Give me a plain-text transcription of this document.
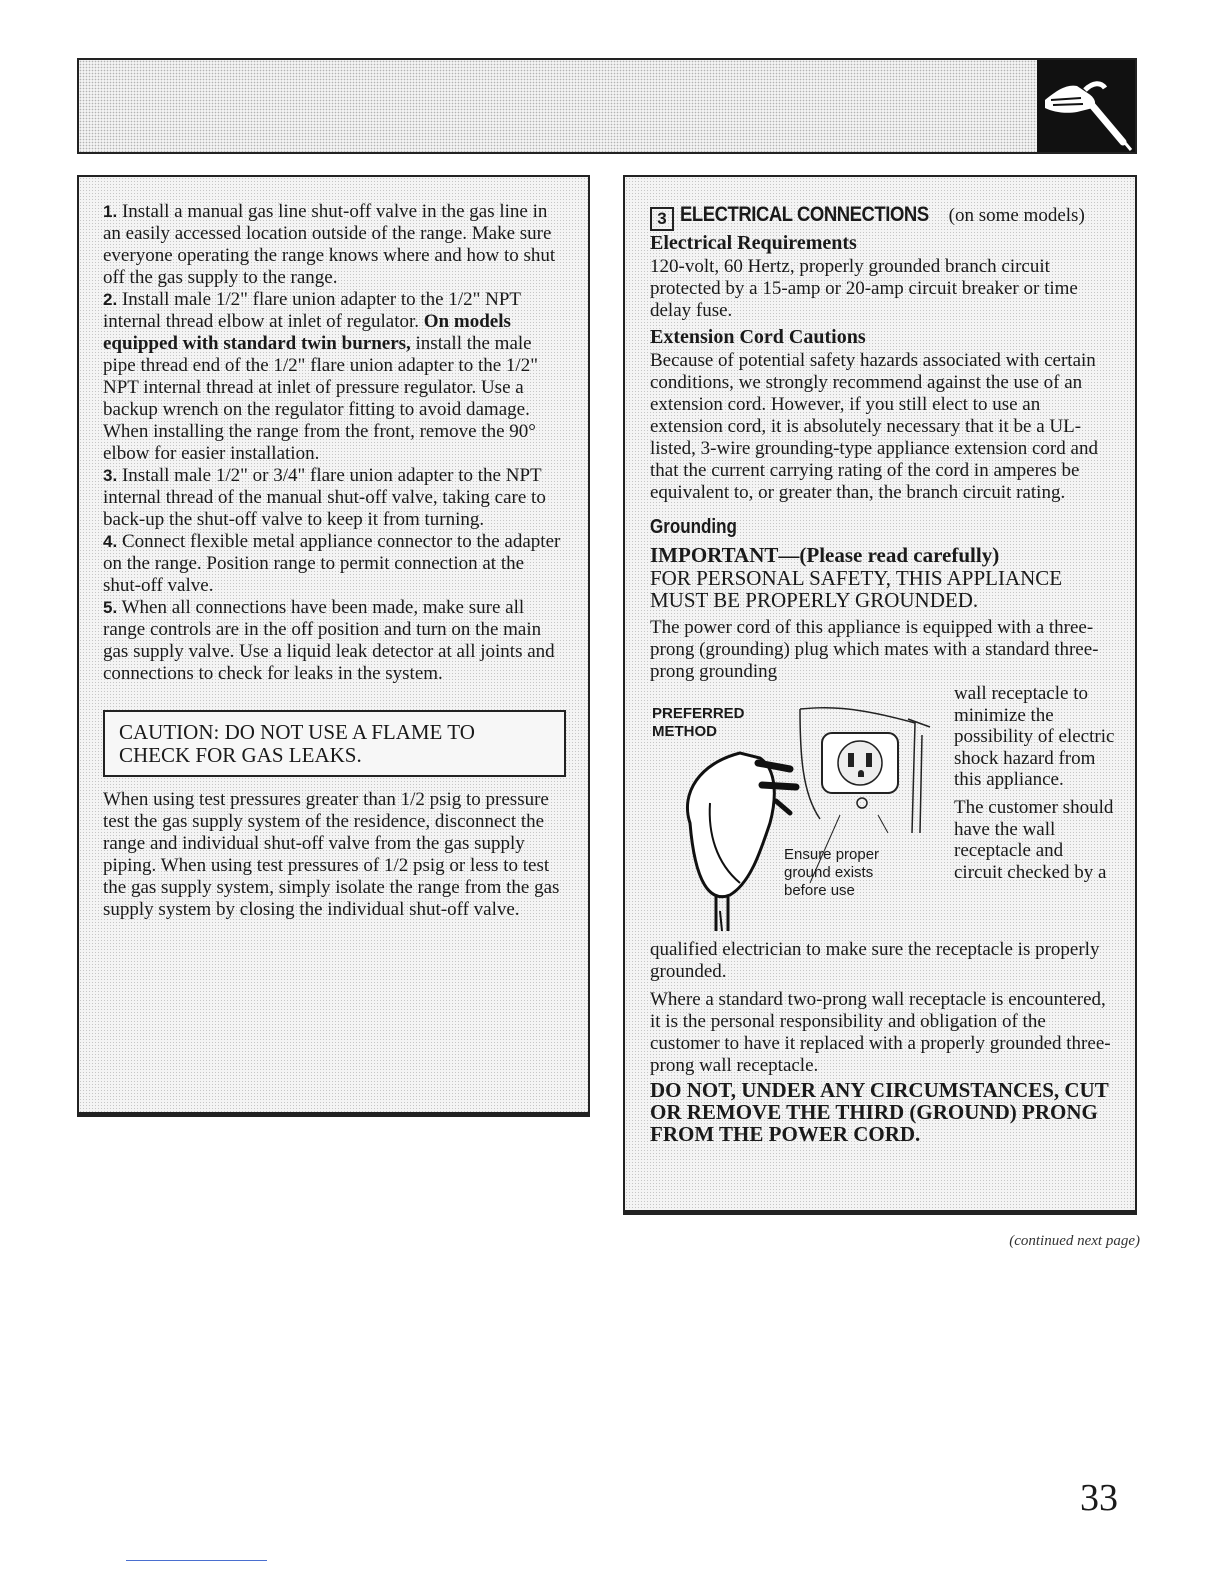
1. Install a manual gas line shut-off valve in the gas line in an easily accessed location outside of the range. Make sure everyone operating the range knows where and how to shut off the gas supply to the range.

2. Install male 1/2" flare union adapter to the 1/2" NPT internal thread elbow at inlet of regulator. On models equipped with standard twin burners, install the male pipe thread end of the 1/2" flare union adapter to the 1/2" NPT internal thread at inlet of pressure regulator. Use a backup wrench on the regulator fitting to avoid damage.

When installing the range from the front, remove the 90° elbow for easier installation.

3. Install male 1/2" or 3/4" flare union adapter to the NPT internal thread of the manual shut-off valve, taking care to back-up the shut-off valve to keep it from turning.

4. Connect flexible metal appliance connector to the adapter on the range. Position range to permit connection at the shut-off valve.

5. When all connections have been made, make sure all range controls are in the off position and turn on the main gas supply valve. Use a liquid leak detector at all joints and connections to check for leaks in the system.

CAUTION: DO NOT USE A FLAME TO CHECK FOR GAS LEAKS.

When using test pressures greater than 1/2 psig to pressure test the gas supply system of the residence, disconnect the range and individual shut-off valve from the gas supply piping. When using test pressures of 1/2 psig or less to test the gas supply system, simply isolate the range from the gas supply system by closing the individual shut-off valve.

3 ELECTRICAL CONNECTIONS (on some models)
Electrical Requirements

120-volt, 60 Hertz, properly grounded branch circuit protected by a 15-amp or 20-amp circuit breaker or time delay fuse.

Extension Cord Cautions

Because of potential safety hazards associated with certain conditions, we strongly recommend against the use of an extension cord. However, if you still elect to use an extension cord, it is absolutely necessary that it be a UL-listed, 3-wire grounding-type appliance extension cord and that the current carrying rating of the cord in amperes be equivalent to, or greater than, the branch circuit rating.

Grounding
IMPORTANT—(Please read carefully)

FOR PERSONAL SAFETY, THIS APPLIANCE MUST BE PROPERLY GROUNDED.

The power cord of this appliance is equipped with a three-prong (grounding) plug which mates with a standard three-prong grounding

PREFERRED
METHOD
Ensure proper
ground exists
before use

wall receptacle to minimize the possibility of electric shock hazard from this appliance.

The customer should have the wall receptacle and circuit checked by a

qualified electrician to make sure the receptacle is properly grounded.

Where a standard two-prong wall receptacle is encountered, it is the personal responsibility and obligation of the customer to have it replaced with a properly grounded three-prong wall receptacle.

DO NOT, UNDER ANY CIRCUMSTANCES, CUT OR REMOVE THE THIRD (GROUND) PRONG FROM THE POWER CORD.

(continued next page)
33
